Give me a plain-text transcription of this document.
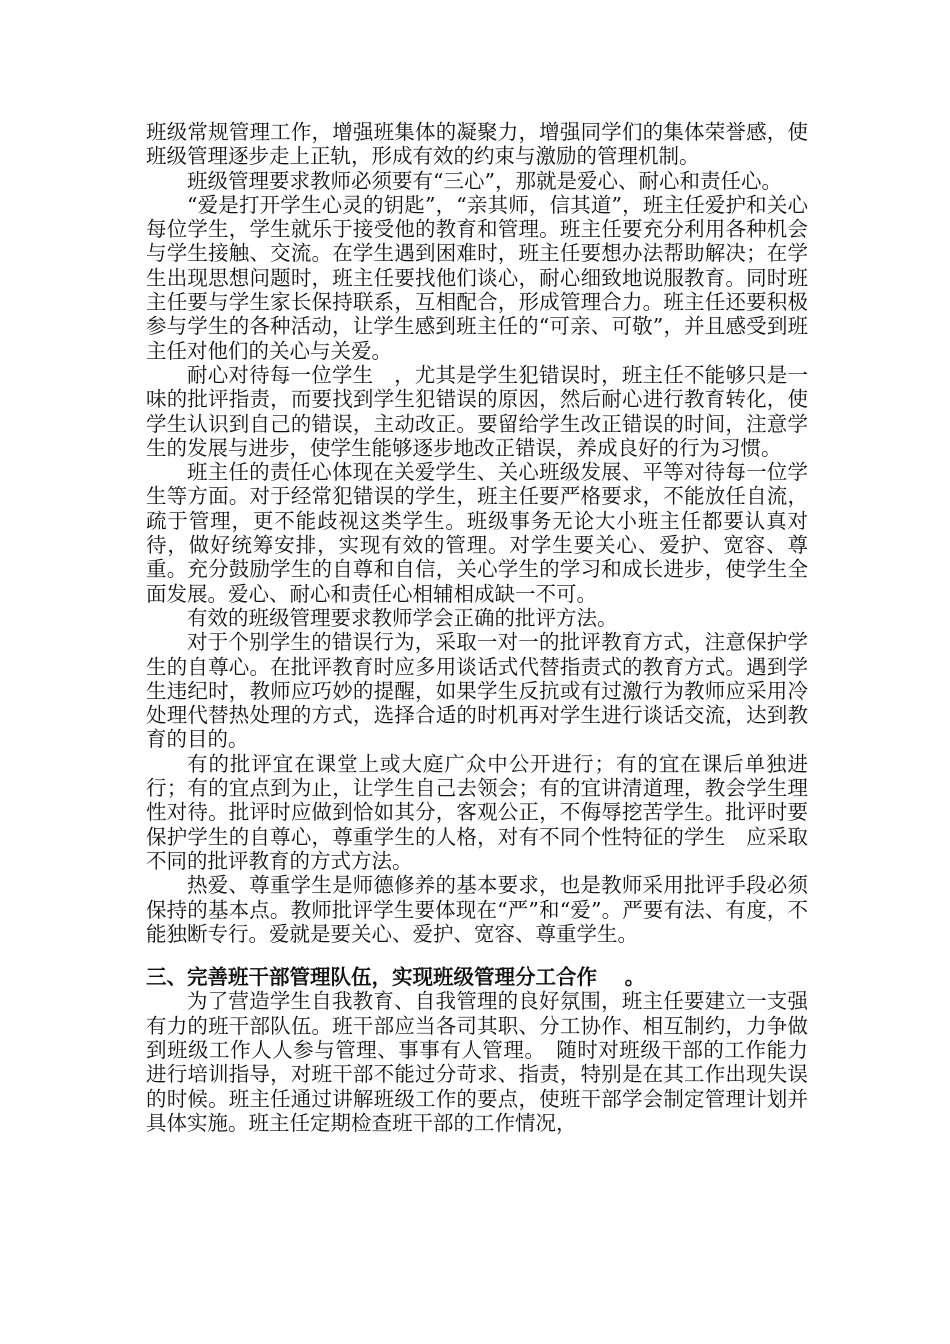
班级常规管理工作，增强班集体的凝聚力，增强同学们的集体荣誉感，使班级管理逐步走上正轨，形成有效的约束与激励的管理机制。

班级管理要求教师必须要有“三心”，那就是爱心、耐心和责任心。

“爱是打开学生心灵的钥匙”，“亲其师，信其道”，班主任爱护和关心每位学生，学生就乐于接受他的教育和管理。班主任要充分利用各种机会与学生接触、交流。在学生遇到困难时，班主任要想办法帮助解决；在学生出现思想问题时，班主任要找他们谈心，耐心细致地说服教育。同时班主任要与学生家长保持联系，互相配合，形成管理合力。班主任还要积极参与学生的各种活动，让学生感到班主任的“可亲、可敬”，并且感受到班主任对他们的关心与关爱。

耐心对待每一位学生　，尤其是学生犯错误时，班主任不能够只是一味的批评指责，而要找到学生犯错误的原因，然后耐心进行教育转化，使学生认识到自己的错误，主动改正。要留给学生改正错误的时间，注意学生的发展与进步，使学生能够逐步地改正错误，养成良好的行为习惯。

班主任的责任心体现在关爱学生、关心班级发展、平等对待每一位学生等方面。对于经常犯错误的学生，班主任要严格要求，不能放任自流，疏于管理，更不能歧视这类学生。班级事务无论大小班主任都要认真对待，做好统筹安排，实现有效的管理。对学生要关心、爱护、宽容、尊重。充分鼓励学生的自尊和自信，关心学生的学习和成长进步，使学生全面发展。爱心、耐心和责任心相辅相成缺一不可。

有效的班级管理要求教师学会正确的批评方法。

对于个别学生的错误行为，采取一对一的批评教育方式，注意保护学生的自尊心。在批评教育时应多用谈话式代替指责式的教育方式。遇到学生违纪时，教师应巧妙的提醒，如果学生反抗或有过激行为教师应采用冷处理代替热处理的方式，选择合适的时机再对学生进行谈话交流，达到教育的目的。

有的批评宜在课堂上或大庭广众中公开进行；有的宜在课后单独进行；有的宜点到为止，让学生自己去领会；有的宜讲清道理，教会学生理性对待。批评时应做到恰如其分，客观公正，不侮辱挖苦学生。批评时要保护学生的自尊心，尊重学生的人格，对有不同个性特征的学生　应采取不同的批评教育的方式方法。

热爱、尊重学生是师德修养的基本要求，也是教师采用批评手段必须保持的基本点。教师批评学生要体现在“严”和“爱”。严要有法、有度，不能独断专行。爱就是要关心、爱护、宽容、尊重学生。

三、完善班干部管理队伍，实现班级管理分工合作　 。

为了营造学生自我教育、自我管理的良好氛围，班主任要建立一支强有力的班干部队伍。班干部应当各司其职、分工协作、相互制约，力争做到班级工作人人参与管理、事事有人管理。　随时对班级干部的工作能力进行培训指导，对班干部不能过分苛求、指责，特别是在其工作出现失误的时候。班主任通过讲解班级工作的要点，使班干部学会制定管理计划并具体实施。班主任定期检查班干部的工作情况，
